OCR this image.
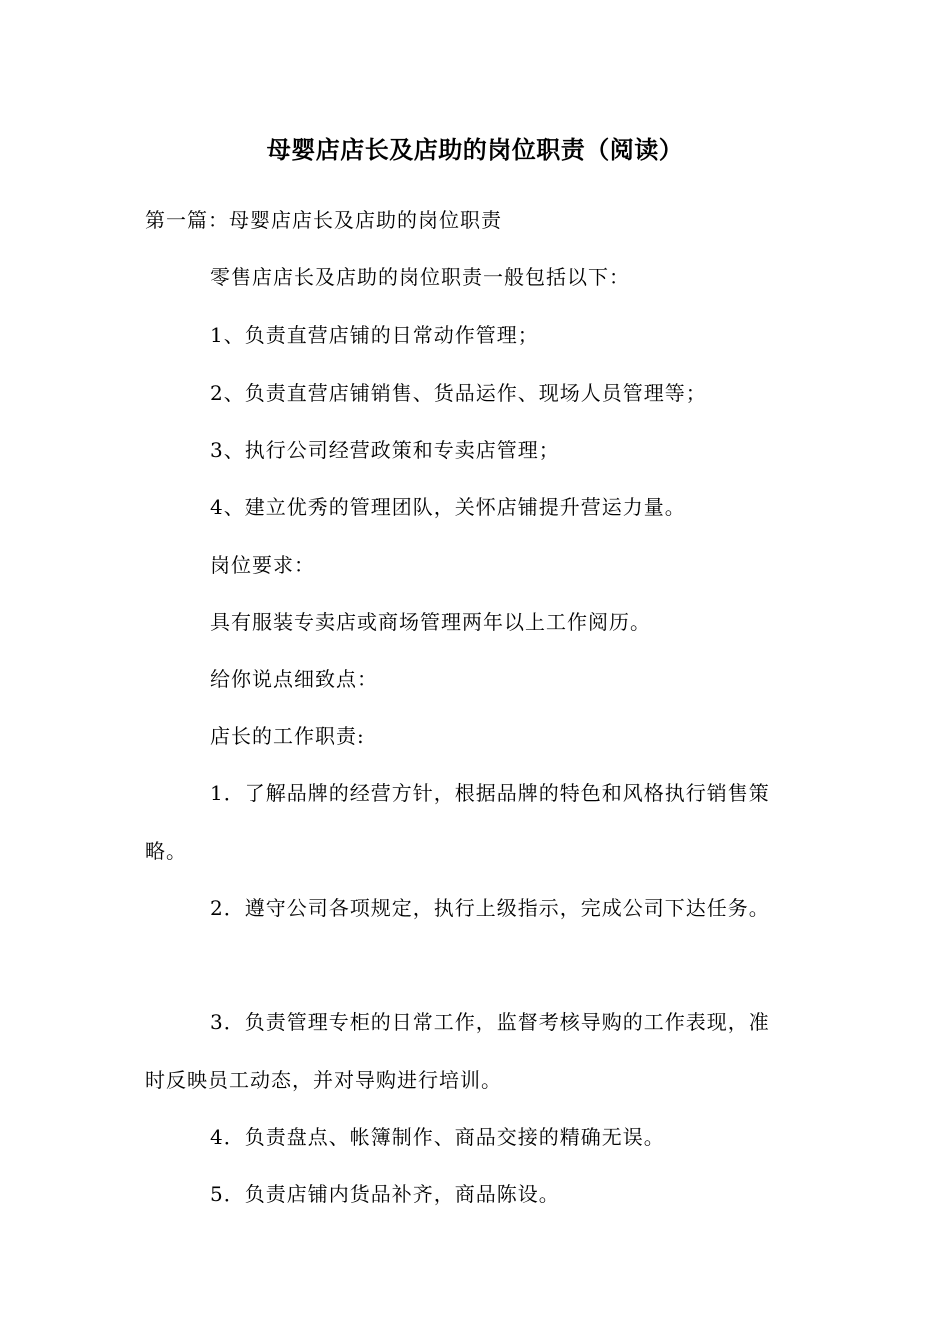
母婴店店长及店助的岗位职责（阅读）
第一篇：母婴店店长及店助的岗位职责
零售店店长及店助的岗位职责一般包括以下：
1、负责直营店铺的日常动作管理；
2、负责直营店铺销售、货品运作、现场人员管理等；
3、执行公司经营政策和专卖店管理；
4、建立优秀的管理团队，关怀店铺提升营运力量。
岗位要求：
具有服装专卖店或商场管理两年以上工作阅历。
给你说点细致点：
店长的工作职责:
1．了解品牌的经营方针，根据品牌的特色和风格执行销售策
略。
2．遵守公司各项规定，执行上级指示，完成公司下达任务。
3．负责管理专柜的日常工作，监督考核导购的工作表现，准
时反映员工动态，并对导购进行培训。
4．负责盘点、帐簿制作、商品交接的精确无误。
5．负责店铺内货品补齐，商品陈设。
